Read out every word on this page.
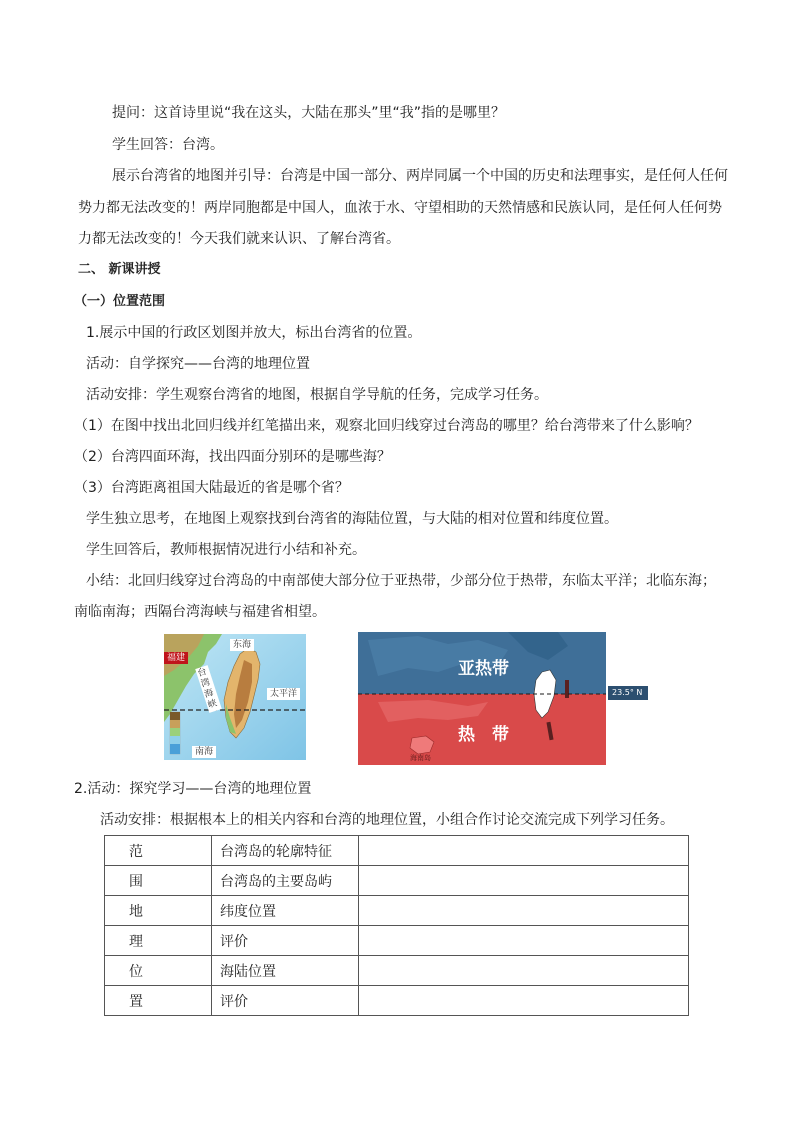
提问：这首诗里说“我在这头，大陆在那头”里“我”指的是哪里？
学生回答：台湾。
展示台湾省的地图并引导：台湾是中国一部分、两岸同属一个中国的历史和法理事实，是任何人任何
势力都无法改变的！两岸同胞都是中国人，血浓于水、守望相助的天然情感和民族认同，是任何人任何势
力都无法改变的！今天我们就来认识、了解台湾省。
二、 新课讲授
（一）位置范围
1.展示中国的行政区划图并放大，标出台湾省的位置。
活动：自学探究——台湾的地理位置
活动安排：学生观察台湾省的地图，根据自学导航的任务，完成学习任务。
（1）在图中找出北回归线并红笔描出来，观察北回归线穿过台湾岛的哪里？给台湾带来了什么影响？
（2）台湾四面环海，找出四面分别环的是哪些海？
（3）台湾距离祖国大陆最近的省是哪个省？
学生独立思考，在地图上观察找到台湾省的海陆位置，与大陆的相对位置和纬度位置。
学生回答后，教师根据情况进行小结和补充。
小结：北回归线穿过台湾岛的中南部使大部分位于亚热带，少部分位于热带，东临太平洋；北临东海；
南临南海；西隔台湾海峡与福建省相望。
福建
东海
台湾海峡
太平洋
南海
亚热带
热 带
23.5° N
海南岛
2.活动：探究学习——台湾的地理位置
活动安排：根据根本上的相关内容和台湾的地理位置，小组合作讨论交流完成下列学习任务。
范	台湾岛的轮廓特征	
围	台湾岛的主要岛屿	
地	纬度位置	
理	评价	
位	海陆位置	
置	评价	
